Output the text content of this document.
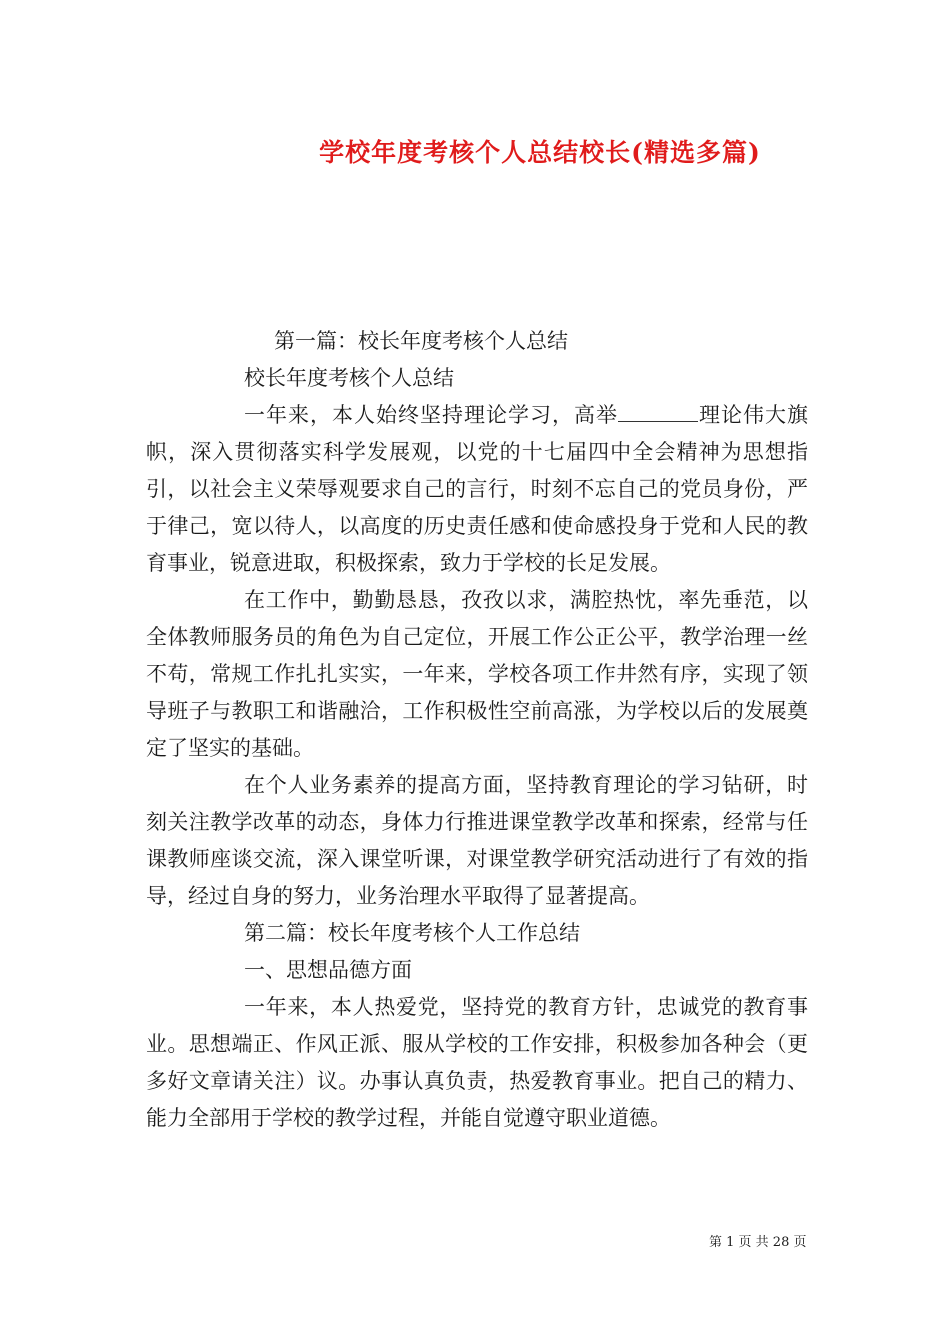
学校年度考核个人总结校长(精选多篇)

第一篇：校长年度考核个人总结

校长年度考核个人总结

一年来，本人始终坚持理论学习，高举	理论伟大旗帜，深入贯彻落实科学发展观，以党的十七届四中全会精神为思想指引，以社会主义荣辱观要求自己的言行，时刻不忘自己的党员身份，严于律己，宽以待人，以高度的历史责任感和使命感投身于党和人民的教育事业，锐意进取，积极探索，致力于学校的长足发展。

在工作中，勤勤恳恳，孜孜以求，满腔热忱，率先垂范，以全体教师服务员的角色为自己定位，开展工作公正公平，教学治理一丝不苟，常规工作扎扎实实，一年来，学校各项工作井然有序，实现了领导班子与教职工和谐融洽，工作积极性空前高涨，为学校以后的发展奠定了坚实的基础。

在个人业务素养的提高方面，坚持教育理论的学习钻研，时刻关注教学改革的动态，身体力行推进课堂教学改革和探索，经常与任课教师座谈交流，深入课堂听课，对课堂教学研究活动进行了有效的指导，经过自身的努力，业务治理水平取得了显著提高。

第二篇：校长年度考核个人工作总结

一、思想品德方面

一年来，本人热爱党，坚持党的教育方针，忠诚党的教育事业。思想端正、作风正派、服从学校的工作安排，积极参加各种会（更多好文章请关注）议。办事认真负责，热爱教育事业。把自己的精力、能力全部用于学校的教学过程，并能自觉遵守职业道德。

第 1 页 共 28 页
